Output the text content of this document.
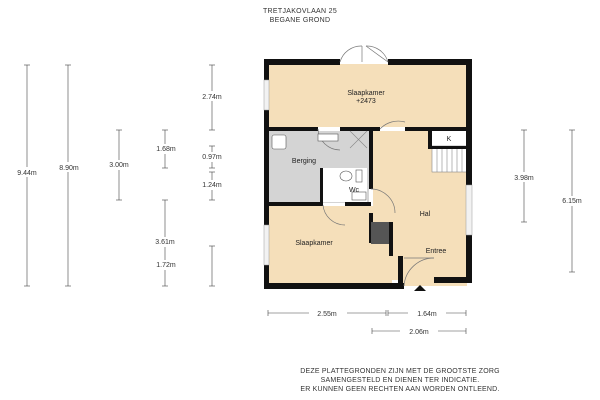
TRETJAKOVLAAN 25
BEGANE GROND
Slaapkamer
+2473
Berging
Wc
Hal
K
Slaapkamer
Entree
9.44m
8.90m	3.00m
3.61m
1.68m
2.74m
0.97m
1.24m
1.72m
3.98m
6.15m
2.55m	1.64m
2.06m
DEZE PLATTEGRONDEN ZIJN MET DE GROOTSTE ZORG
SAMENGESTELD EN DIENEN TER INDICATIE.
ER KUNNEN GEEN RECHTEN AAN WORDEN ONTLEEND.
